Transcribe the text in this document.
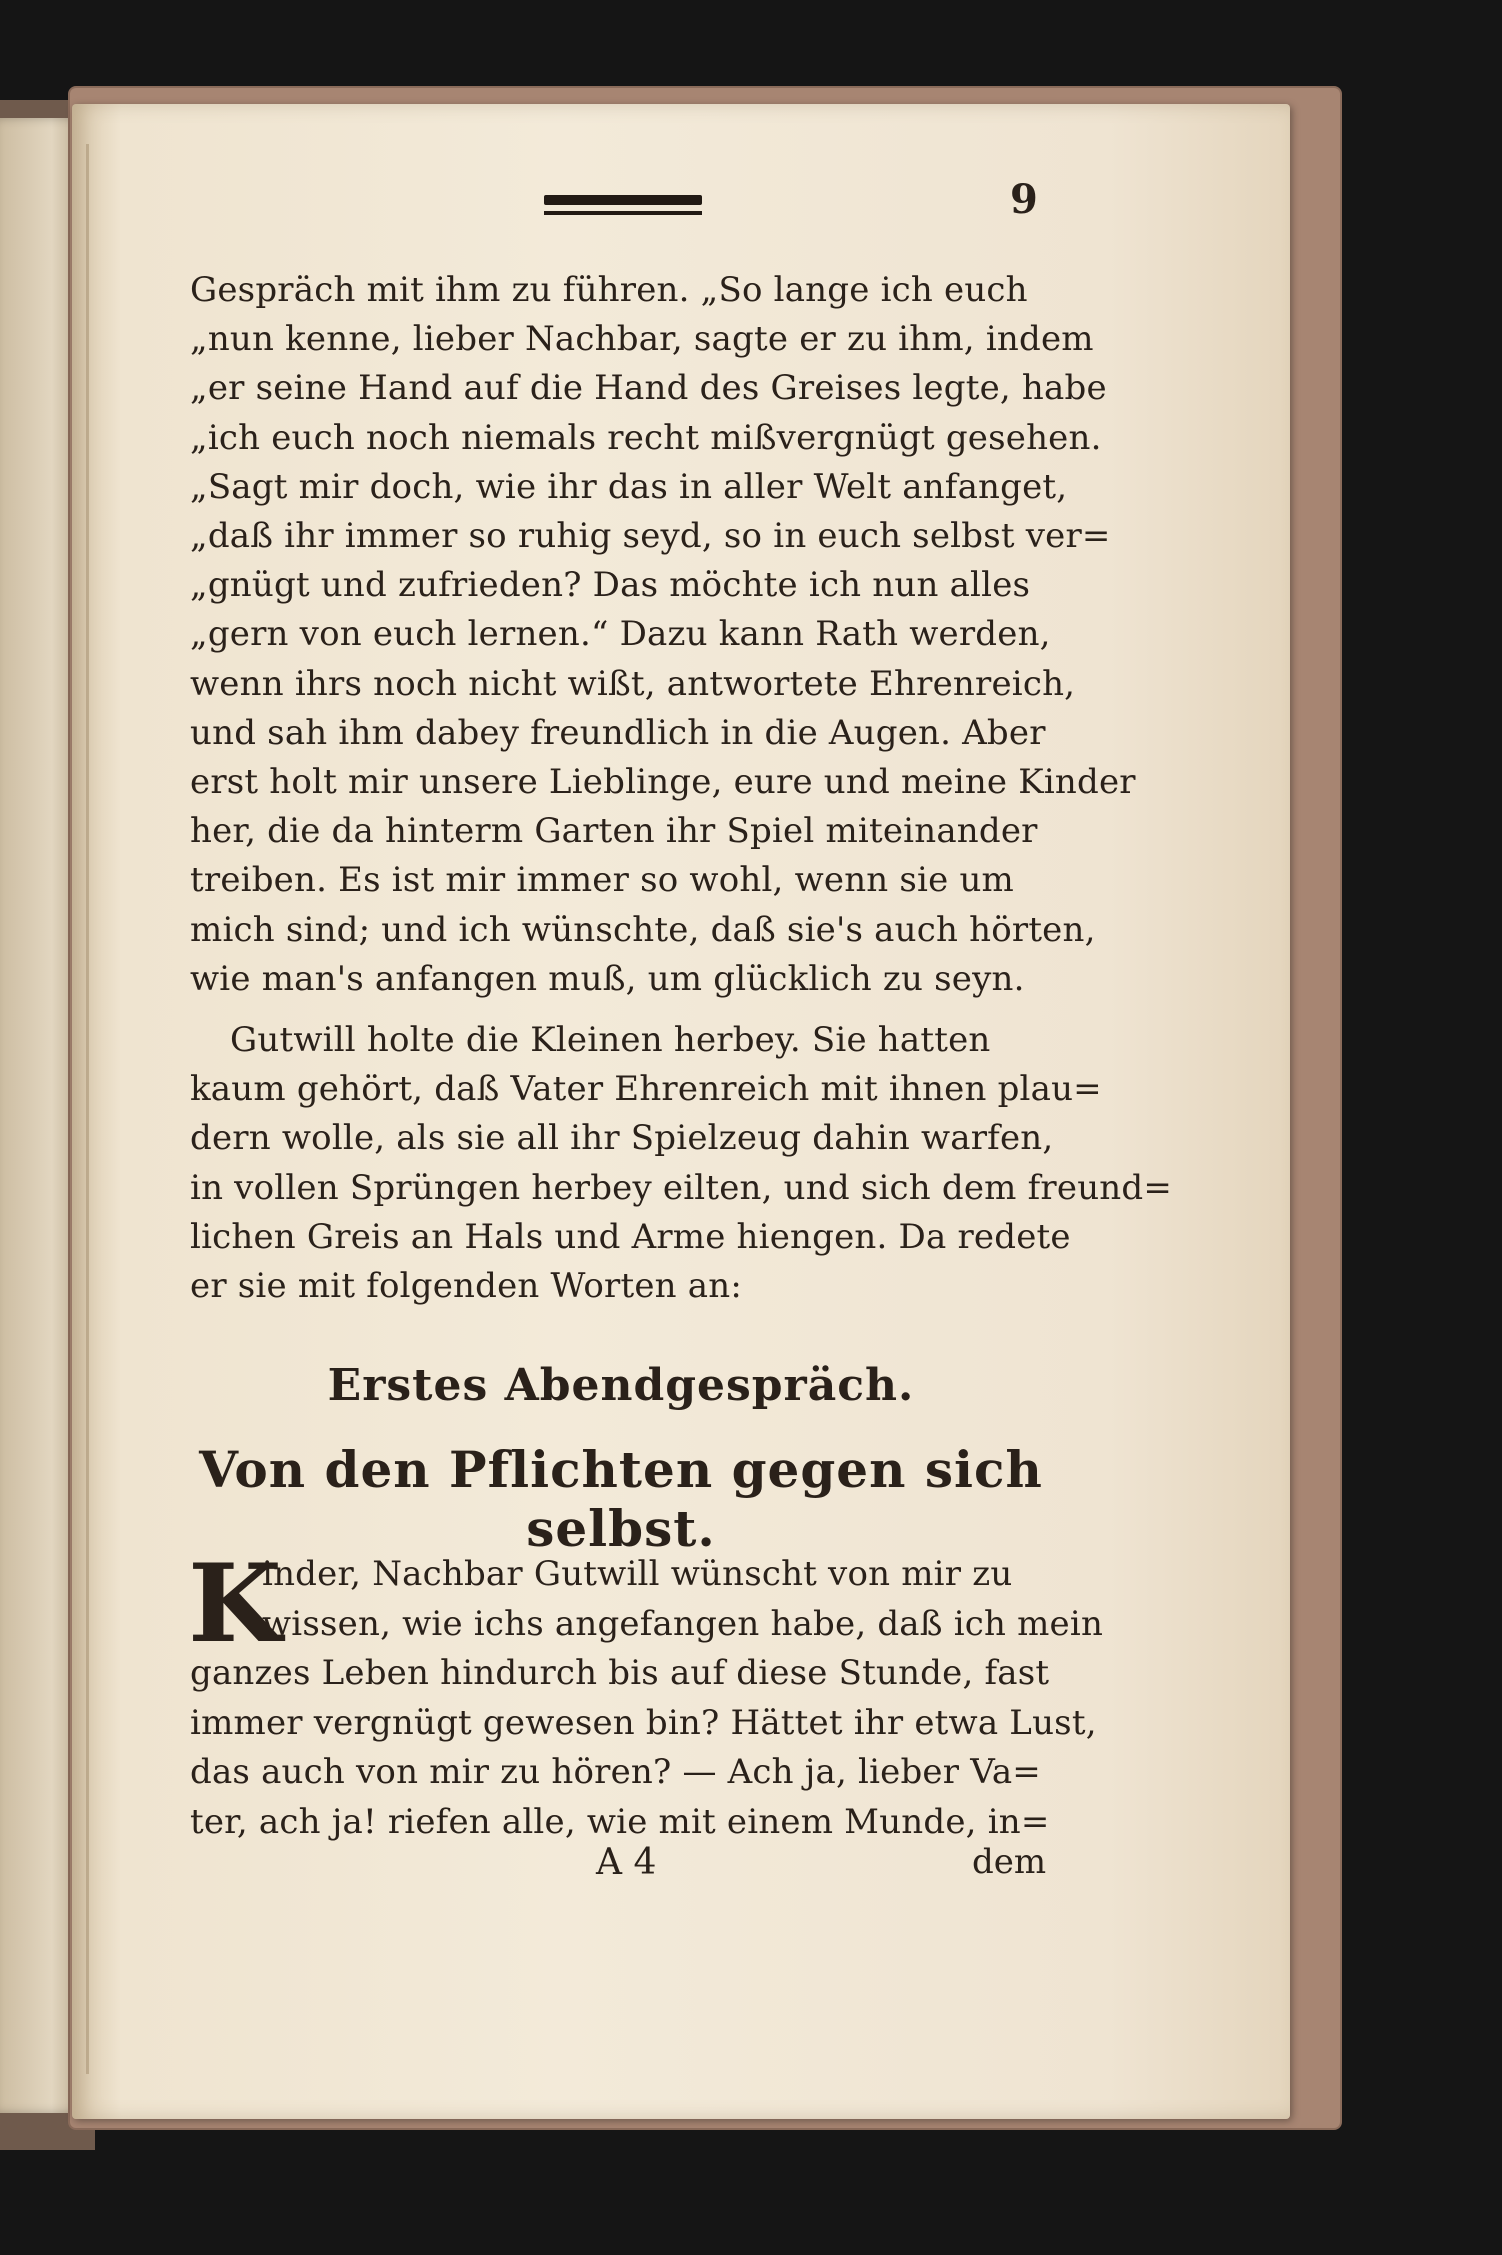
9
Gespräch mit ihm zu führen. „So lange ich euch
„nun kenne, lieber Nachbar, sagte er zu ihm, indem
„er seine Hand auf die Hand des Greises legte, habe
„ich euch noch niemals recht mißvergnügt gesehen.
„Sagt mir doch, wie ihr das in aller Welt anfanget,
„daß ihr immer so ruhig seyd, so in euch selbst ver=
„gnügt und zufrieden? Das möchte ich nun alles
„gern von euch lernen.“ Dazu kann Rath werden,
wenn ihrs noch nicht wißt, antwortete Ehrenreich,
und sah ihm dabey freundlich in die Augen. Aber
erst holt mir unsere Lieblinge, eure und meine Kinder
her, die da hinterm Garten ihr Spiel miteinander
treiben. Es ist mir immer so wohl, wenn sie um
mich sind; und ich wünschte, daß sie's auch hörten,
wie man's anfangen muß, um glücklich zu seyn.
Gutwill holte die Kleinen herbey. Sie hatten
kaum gehört, daß Vater Ehrenreich mit ihnen plau=
dern wolle, als sie all ihr Spielzeug dahin warfen,
in vollen Sprüngen herbey eilten, und sich dem freund=
lichen Greis an Hals und Arme hiengen. Da redete
er sie mit folgenden Worten an:
Erstes Abendgespräch.
Von den Pflichten gegen sich selbst.
K
inder, Nachbar Gutwill wünscht von mir zu
wissen, wie ichs angefangen habe, daß ich mein
ganzes Leben hindurch bis auf diese Stunde, fast
immer vergnügt gewesen bin? Hättet ihr etwa Lust,
das auch von mir zu hören? — Ach ja, lieber Va=
ter, ach ja! riefen alle, wie mit einem Munde, in=
A 4	dem
